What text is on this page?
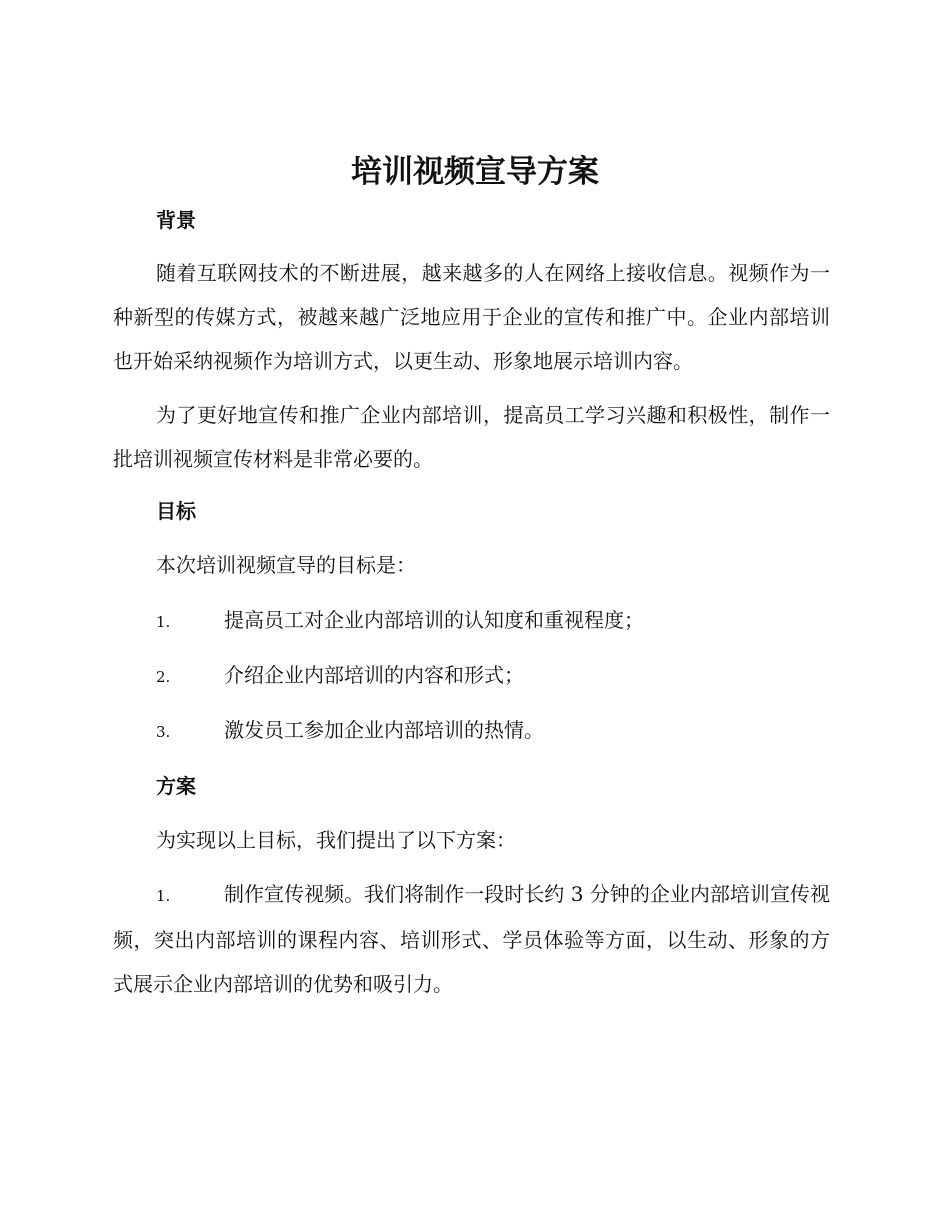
培训视频宣导方案
背景

随着互联网技术的不断进展，越来越多的人在网络上接收信息。视频作为一种新型的传媒方式，被越来越广泛地应用于企业的宣传和推广中。企业内部培训也开始采纳视频作为培训方式，以更生动、形象地展示培训内容。

为了更好地宣传和推广企业内部培训，提高员工学习兴趣和积极性，制作一批培训视频宣传材料是非常必要的。

目标

本次培训视频宣导的目标是：

1.	提高员工对企业内部培训的认知度和重视程度；

2.	介绍企业内部培训的内容和形式；

3.	激发员工参加企业内部培训的热情。

方案

为实现以上目标，我们提出了以下方案：

1.	制作宣传视频。我们将制作一段时长约 3 分钟的企业内部培训宣传视频，突出内部培训的课程内容、培训形式、学员体验等方面，以生动、形象的方式展示企业内部培训的优势和吸引力。
